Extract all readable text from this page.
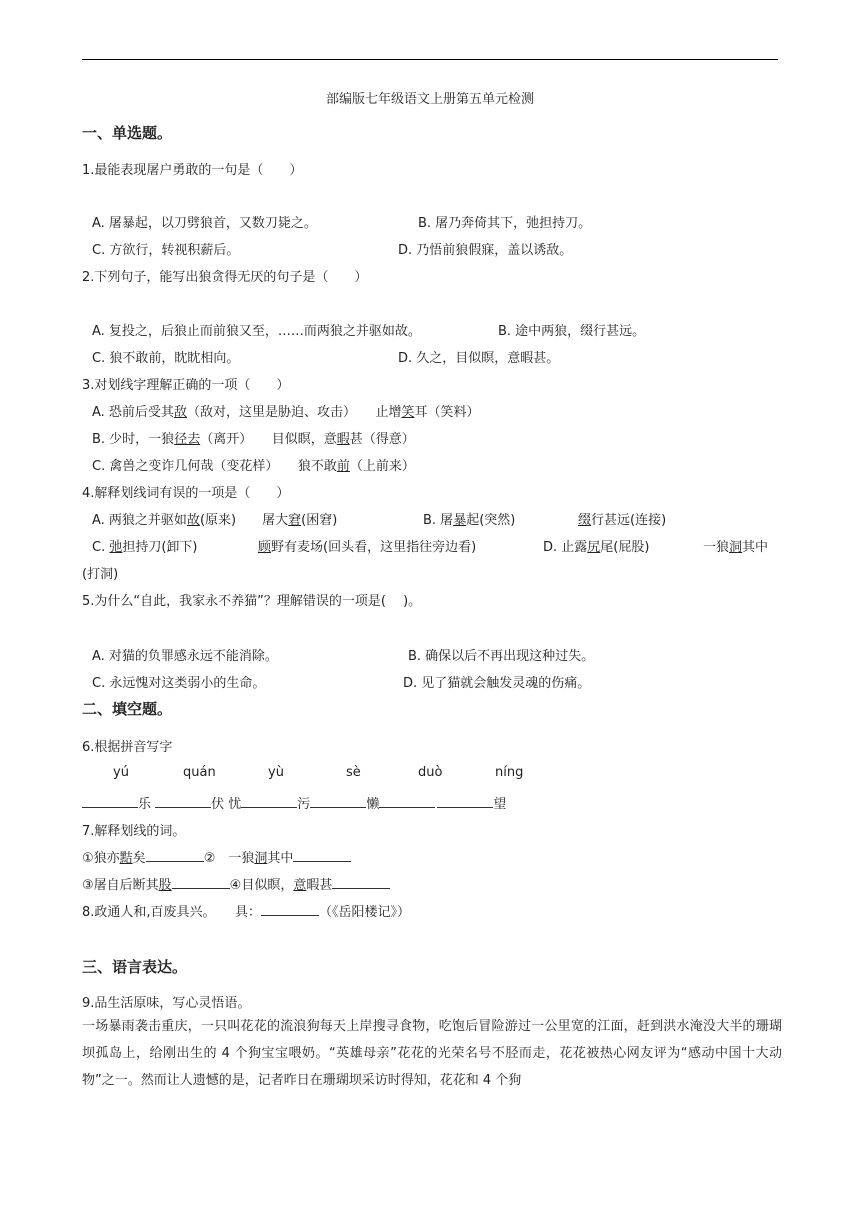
部编版七年级语文上册第五单元检测
一、单选题。
1.最能表现屠户勇敢的一句是（　　）
A. 屠暴起，以刀劈狼首，又数刀毙之。	B. 屠乃奔倚其下，弛担持刀。
C. 方欲行，转视积薪后。	D. 乃悟前狼假寐，盖以诱敌。
2.下列句子，能写出狼贪得无厌的句子是（　　）
A. 复投之，后狼止而前狼又至，……而两狼之并驱如故。	B. 途中两狼，缀行甚远。
C. 狼不敢前，眈眈相向。	D. 久之，目似瞑，意暇甚。
3.对划线字理解正确的一项（　　）
A. 恐前后受其敌（敌对，这里是胁迫、攻击）　　止增笑耳（笑料）
B. 少时，一狼径去（离开）　　目似瞑，意暇甚（得意）
C. 禽兽之变诈几何哉（变花样）　　狼不敢前（上前来）
4.解释划线词有误的一项是（　　）
A. 两狼之并驱如故(原来)　　屠大窘(困窘)	B. 屠暴起(突然)	缀行甚远(连接)
C. 弛担持刀(卸下)	顾野有麦场(回头看，这里指往旁边看)	D. 止露尻尾(屁股)	一狼洞其中
(打洞)
5.为什么“自此，我家永不养猫”？理解错误的一项是(　 )。
A. 对猫的负罪感永远不能消除。	B. 确保以后不再出现这种过失。
C. 永远愧对这类弱小的生命。	D. 见了猫就会触发灵魂的伤痛。
二、填空题。
6.根据拼音写字
yú	quán	yù	sè	duò	níng
乐	伏 忧	污	懒	望
7.解释划线的词。
①狼亦黠矣	②　一狼洞其中
③屠自后断其股	④目似瞑，意暇甚
8.政通人和,百废具兴。　　具：	（《岳阳楼记》）
三、语言表达。
9.品生活原味，写心灵悟语。
一场暴雨袭击重庆，一只叫花花的流浪狗每天上岸搜寻食物，吃饱后冒险游过一公里宽的江面，赶到洪水淹没大半的珊瑚坝孤岛上，给刚出生的 4 个狗宝宝喂奶。“英雄母亲”花花的光荣名号不胫而走，花花被热心网友评为“感动中国十大动物”之一。然而让人遗憾的是，记者昨日在珊瑚坝采访时得知，花花和 4 个狗
